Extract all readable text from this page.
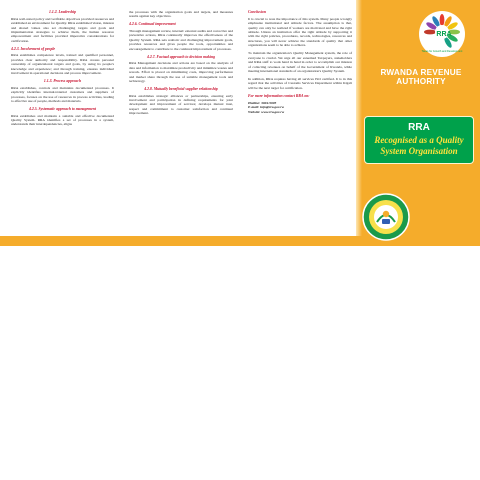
1.1.2. Leadership
RRA well-stated policy and verifiable objectives provided resources and established an environment for Quality. RRA established vision, mission and shared values also set challenging targets and goals and implementation strategies to achieve them, the human resource empowerment and facilities provided imperative considerations for certification.
4.2.3. Involvement of people
RRA establishes competence levels, trained and qualified personnel, provides clear authority and responsibility. RRA creates personal ownership of organizational targets and goals, by using its people's knowledge and experience; and through training, ensures individual involvement in operational decisions and process improvement.
1.1.3. Process approach
RRA establishes, controls and maintains documented processes. It explicitly identifies internal/external customers and suppliers of processes, focuses on the use of resources in process activities, leading to effective use of people, methods and materials.
4.2.5. Systematic approach to management
RRA establishes and maintain a suitable and effective documented Quality System. RRA identifies a set of processes in a system, understands their interdependencies, aligns
the processes with the organization goals and targets, and measures results against key objectives.
4.2.6. Continual improvement
Through management review, internal/ external audits and corrective and preventive actions, RRA continually improves the effectiveness of the Quality System. RRA sets realistic and challenging improvement goals, provides resources and gives people the tools, opportunities and encouragement to contribute to the continual improvement of processes.
4.2.7. Factual approach to decision making
RRA Management decisions and actions are based on the analysis of data and information to maximize productivity and minimize wastes and rework. Effort is placed on minimizing costs, improving performance and market share through the use of suitable management tools and technology.
4.2.8. Mutually beneficial supplier relationship
RRA establishes strategic alliances or partnerships, ensuring early involvement and participation in defining requirements for joint development and improvement of services; develops mutual trust, respect and commitment to customer satisfaction and continual improvement.
Conclusion
It is crucial to note the importance of this system. Many people wrongly emphasize institutional and attitude factors. The assumption is that, quality can only be realized if workers are motivated and have the right attitude. Unless an institution offer the right attitude by supporting it with the right policies, procedures, records, technologies, resources and structures, you will never achieve the standards of quality that other organizations seem to be able to achieve.
To maintain the organization's Quality Management system, the role of everyone is crucial. We urge all our esteemed Taxpayers, stakeholders and RRA staff to work hand in hand in order to accomplish our mission of collecting revenues on behalf of the Government of Rwanda, while meeting international standards of an organization's Quality System.
In addition, RRA requires having all services ISO certified. It is in this regard that the activities of Customs Services Department within Kigali will be the next target for certification.
For more information contact RRA on:
Hotline: 3004/3005
E-mail: info@rra.gov.rw
Website: www.rra.gov.rw
RRA
Taxes for Growth and Development
RWANDA REVENUE AUTHORITY
RRA
Recognised as a Quality
System Organisation
